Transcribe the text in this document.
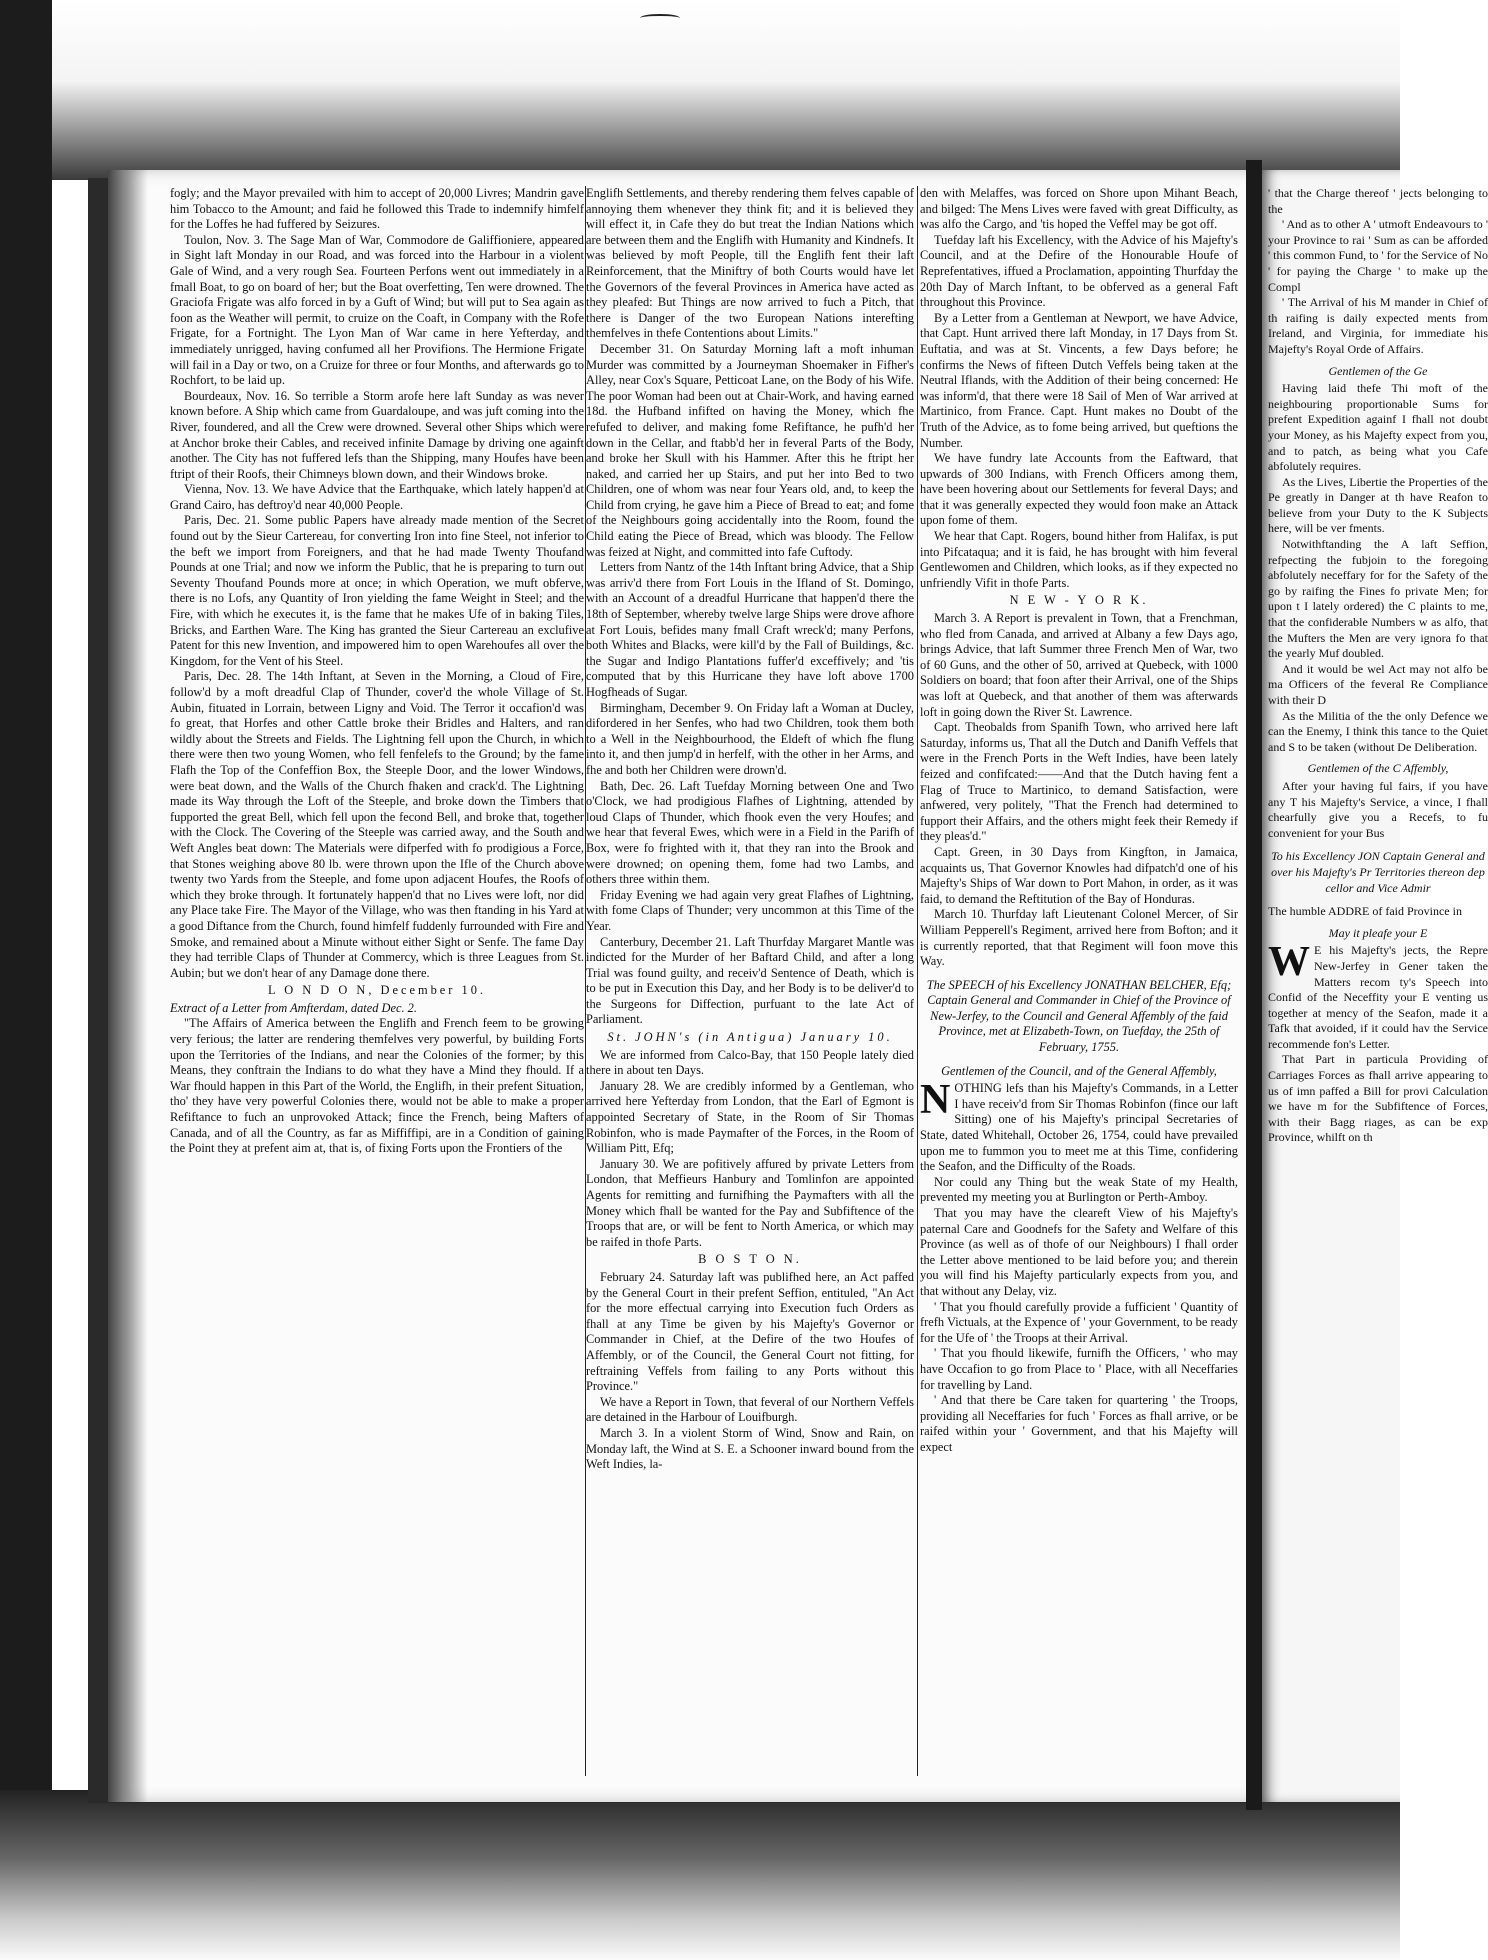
fogly; and the Mayor prevailed with him to accept of 20,000 Livres; Mandrin gave him Tobacco to the Amount; and faid he followed this Trade to indemnify himfelf for the Loffes he had fuffered by Seizures.

Toulon, Nov. 3. The Sage Man of War, Commodore de Galiffioniere, appeared in Sight laft Monday in our Road, and was forced into the Harbour in a violent Gale of Wind, and a very rough Sea. Fourteen Perfons went out immediately in a fmall Boat, to go on board of her; but the Boat overfetting, Ten were drowned. The Graciofa Frigate was alfo forced in by a Guft of Wind; but will put to Sea again as foon as the Weather will permit, to cruize on the Coaft, in Company with the Rofe Frigate, for a Fortnight. The Lyon Man of War came in here Yefterday, and immediately unrigged, having confumed all her Provifions. The Hermione Frigate will fail in a Day or two, on a Cruize for three or four Months, and afterwards go to Rochfort, to be laid up.

Bourdeaux, Nov. 16. So terrible a Storm arofe here laft Sunday as was never known before. A Ship which came from Guardaloupe, and was juft coming into the River, foundered, and all the Crew were drowned. Several other Ships which were at Anchor broke their Cables, and received infinite Damage by driving one againft another. The City has not fuffered lefs than the Shipping, many Houfes have been ftript of their Roofs, their Chimneys blown down, and their Windows broke.

Vienna, Nov. 13. We have Advice that the Earthquake, which lately happen'd at Grand Cairo, has deftroy'd near 40,000 People.

Paris, Dec. 21. Some public Papers have already made mention of the Secret found out by the Sieur Cartereau, for converting Iron into fine Steel, not inferior to the beft we import from Foreigners, and that he had made Twenty Thoufand Pounds at one Trial; and now we inform the Public, that he is preparing to turn out Seventy Thoufand Pounds more at once; in which Operation, we muft obferve, there is no Lofs, any Quantity of Iron yielding the fame Weight in Steel; and the Fire, with which he executes it, is the fame that he makes Ufe of in baking Tiles, Bricks, and Earthen Ware. The King has granted the Sieur Cartereau an exclufive Patent for this new Invention, and impowered him to open Warehoufes all over the Kingdom, for the Vent of his Steel.

Paris, Dec. 28. The 14th Inftant, at Seven in the Morning, a Cloud of Fire, follow'd by a moft dreadful Clap of Thunder, cover'd the whole Village of St. Aubin, fituated in Lorrain, between Ligny and Void. The Terror it occafion'd was fo great, that Horfes and other Cattle broke their Bridles and Halters, and ran wildly about the Streets and Fields. The Lightning fell upon the Church, in which there were then two young Women, who fell fenfelefs to the Ground; by the fame Flafh the Top of the Confeffion Box, the Steeple Door, and the lower Windows, were beat down, and the Walls of the Church fhaken and crack'd. The Lightning made its Way through the Loft of the Steeple, and broke down the Timbers that fupported the great Bell, which fell upon the fecond Bell, and broke that, together with the Clock. The Covering of the Steeple was carried away, and the South and Weft Angles beat down: The Materials were difperfed with fo prodigious a Force, that Stones weighing above 80 lb. were thrown upon the Ifle of the Church above twenty two Yards from the Steeple, and fome upon adjacent Houfes, the Roofs of which they broke through. It fortunately happen'd that no Lives were loft, nor did any Place take Fire. The Mayor of the Village, who was then ftanding in his Yard at a good Diftance from the Church, found himfelf fuddenly furrounded with Fire and Smoke, and remained about a Minute without either Sight or Senfe. The fame Day they had terrible Claps of Thunder at Commercy, which is three Leagues from St. Aubin; but we don't hear of any Damage done there.

L O N D O N, December 10.

Extract of a Letter from Amfterdam, dated Dec. 2.

"The Affairs of America between the Englifh and French feem to be growing very ferious; the latter are rendering themfelves very powerful, by building Forts upon the Territories of the Indians, and near the Colonies of the former; by this Means, they conftrain the Indians to do what they have a Mind they fhould. If a War fhould happen in this Part of the World, the Englifh, in their prefent Situation, tho' they have very powerful Colonies there, would not be able to make a proper Refiftance to fuch an unprovoked Attack; fince the French, being Mafters of Canada, and of all the Country, as far as Miffiffipi, are in a Condition of gaining the Point they at prefent aim at, that is, of fixing Forts upon the Frontiers of the

Englifh Settlements, and thereby rendering them felves capable of annoying them whenever they think fit; and it is believed they will effect it, in Cafe they do but treat the Indian Nations which are between them and the Englifh with Humanity and Kindnefs. It was believed by moft People, till the Englifh fent their laft Reinforcement, that the Miniftry of both Courts would have let the Governors of the feveral Provinces in America have acted as they pleafed: But Things are now arrived to fuch a Pitch, that there is Danger of the two European Nations interefting themfelves in thefe Contentions about Limits."

December 31. On Saturday Morning laft a moft inhuman Murder was committed by a Journeyman Shoemaker in Fifher's Alley, near Cox's Square, Petticoat Lane, on the Body of his Wife. The poor Woman had been out at Chair-Work, and having earned 18d. the Hufband infifted on having the Money, which fhe refufed to deliver, and making fome Refiftance, he pufh'd her down in the Cellar, and ftabb'd her in feveral Parts of the Body, and broke her Skull with his Hammer. After this he ftript her naked, and carried her up Stairs, and put her into Bed to two Children, one of whom was near four Years old, and, to keep the Child from crying, he gave him a Piece of Bread to eat; and fome of the Neighbours going accidentally into the Room, found the Child eating the Piece of Bread, which was bloody. The Fellow was feized at Night, and committed into fafe Cuftody.

Letters from Nantz of the 14th Inftant bring Advice, that a Ship was arriv'd there from Fort Louis in the Ifland of St. Domingo, with an Account of a dreadful Hurricane that happen'd there the 18th of September, whereby twelve large Ships were drove afhore at Fort Louis, befides many fmall Craft wreck'd; many Perfons, both Whites and Blacks, were kill'd by the Fall of Buildings, &c. the Sugar and Indigo Plantations fuffer'd exceffively; and 'tis computed that by this Hurricane they have loft above 1700 Hogfheads of Sugar.

Birmingham, December 9. On Friday laft a Woman at Ducley, difordered in her Senfes, who had two Children, took them both to a Well in the Neighbourhood, the Eldeft of which fhe flung into it, and then jump'd in herfelf, with the other in her Arms, and fhe and both her Children were drown'd.

Bath, Dec. 26. Laft Tuefday Morning between One and Two o'Clock, we had prodigious Flafhes of Lightning, attended by loud Claps of Thunder, which fhook even the very Houfes; and we hear that feveral Ewes, which were in a Field in the Parifh of Box, were fo frighted with it, that they ran into the Brook and were drowned; on opening them, fome had two Lambs, and others three within them.

Friday Evening we had again very great Flafhes of Lightning, with fome Claps of Thunder; very uncommon at this Time of the Year.

Canterbury, December 21. Laft Thurfday Margaret Mantle was indicted for the Murder of her Baftard Child, and after a long Trial was found guilty, and receiv'd Sentence of Death, which is to be put in Execution this Day, and her Body is to be deliver'd to the Surgeons for Diffection, purfuant to the late Act of Parliament.

St. JOHN's (in Antigua) January 10.

We are informed from Calco-Bay, that 150 People lately died there in about ten Days.

January 28. We are credibly informed by a Gentleman, who arrived here Yefterday from London, that the Earl of Egmont is appointed Secretary of State, in the Room of Sir Thomas Robinfon, who is made Paymafter of the Forces, in the Room of William Pitt, Efq;

January 30. We are pofitively affured by private Letters from London, that Meffieurs Hanbury and Tomlinfon are appointed Agents for remitting and furnifhing the Paymafters with all the Money which fhall be wanted for the Pay and Subfiftence of the Troops that are, or will be fent to North America, or which may be raifed in thofe Parts.

B O S T O N.

February 24. Saturday laft was publifhed here, an Act paffed by the General Court in their prefent Seffion, entituled, "An Act for the more effectual carrying into Execution fuch Orders as fhall at any Time be given by his Majefty's Governor or Commander in Chief, at the Defire of the two Houfes of Affembly, or of the Council, the General Court not fitting, for reftraining Veffels from failing to any Ports without this Province."

We have a Report in Town, that feveral of our Northern Veffels are detained in the Harbour of Louifburgh.

March 3. In a violent Storm of Wind, Snow and Rain, on Monday laft, the Wind at S. E. a Schooner inward bound from the Weft Indies, la-

den with Melaffes, was forced on Shore upon Mihant Beach, and bilged: The Mens Lives were faved with great Difficulty, as was alfo the Cargo, and 'tis hoped the Veffel may be got off.

Tuefday laft his Excellency, with the Advice of his Majefty's Council, and at the Defire of the Honourable Houfe of Reprefentatives, iffued a Proclamation, appointing Thurfday the 20th Day of March Inftant, to be obferved as a general Faft throughout this Province.

By a Letter from a Gentleman at Newport, we have Advice, that Capt. Hunt arrived there laft Monday, in 17 Days from St. Euftatia, and was at St. Vincents, a few Days before; he confirms the News of fifteen Dutch Veffels being taken at the Neutral Iflands, with the Addition of their being concerned: He was inform'd, that there were 18 Sail of Men of War arrived at Martinico, from France. Capt. Hunt makes no Doubt of the Truth of the Advice, as to fome being arrived, but queftions the Number.

We have fundry late Accounts from the Eaftward, that upwards of 300 Indians, with French Officers among them, have been hovering about our Settlements for feveral Days; and that it was generally expected they would foon make an Attack upon fome of them.

We hear that Capt. Rogers, bound hither from Halifax, is put into Pifcataqua; and it is faid, he has brought with him feveral Gentlewomen and Children, which looks, as if they expected no unfriendly Vifit in thofe Parts.

N E W - Y O R K.

March 3. A Report is prevalent in Town, that a Frenchman, who fled from Canada, and arrived at Albany a few Days ago, brings Advice, that laft Summer three French Men of War, two of 60 Guns, and the other of 50, arrived at Quebeck, with 1000 Soldiers on board; that foon after their Arrival, one of the Ships was loft at Quebeck, and that another of them was afterwards loft in going down the River St. Lawrence.

Capt. Theobalds from Spanifh Town, who arrived here laft Saturday, informs us, That all the Dutch and Danifh Veffels that were in the French Ports in the Weft Indies, have been lately feized and confifcated:——And that the Dutch having fent a Flag of Truce to Martinico, to demand Satisfaction, were anfwered, very politely, "That the French had determined to fupport their Affairs, and the others might feek their Remedy if they pleas'd."

Capt. Green, in 30 Days from Kingfton, in Jamaica, acquaints us, That Governor Knowles had difpatch'd one of his Majefty's Ships of War down to Port Mahon, in order, as it was faid, to demand the Reftitution of the Bay of Honduras.

March 10. Thurfday laft Lieutenant Colonel Mercer, of Sir William Pepperell's Regiment, arrived here from Bofton; and it is currently reported, that that Regiment will foon move this Way.

The SPEECH of his Excellency JONATHAN BELCHER, Efq; Captain General and Commander in Chief of the Province of New-Jerfey, to the Council and General Affembly of the faid Province, met at Elizabeth-Town, on Tuefday, the 25th of February, 1755.

Gentlemen of the Council, and of the General Affembly,

NOTHING lefs than his Majefty's Commands, in a Letter I have receiv'd from Sir Thomas Robinfon (fince our laft Sitting) one of his Majefty's principal Secretaries of State, dated Whitehall, October 26, 1754, could have prevailed upon me to fummon you to meet me at this Time, confidering the Seafon, and the Difficulty of the Roads.

Nor could any Thing but the weak State of my Health, prevented my meeting you at Burlington or Perth-Amboy.

That you may have the cleareft View of his Majefty's paternal Care and Goodnefs for the Safety and Welfare of this Province (as well as of thofe of our Neighbours) I fhall order the Letter above mentioned to be laid before you; and therein you will find his Majefty particularly expects from you, and that without any Delay, viz.

' That you fhould carefully provide a fufficient ' Quantity of frefh Victuals, at the Expence of ' your Government, to be ready for the Ufe of ' the Troops at their Arrival.

' That you fhould likewife, furnifh the Officers, ' who may have Occafion to go from Place to ' Place, with all Neceffaries for travelling by Land.

' And that there be Care taken for quartering ' the Troops, providing all Neceffaries for fuch ' Forces as fhall arrive, or be raifed within your ' Government, and that his Majefty will expect

' that the Charge thereof ' jects belonging to the

' And as to other A ' utmoft Endeavours to ' your Province to rai ' Sum as can be afforded ' this common Fund, to ' for the Service of No ' for paying the Charge ' to make up the Compl

' The Arrival of his M mander in Chief of th raifing is daily expected ments from Ireland, and Virginia, for immediate his Majefty's Royal Orde of Affairs.

Gentlemen of the Ge

Having laid thefe Thi moft of the neighbouring proportionable Sums for prefent Expedition againf I fhall not doubt your Money, as his Majefty expect from you, and to patch, as being what you Cafe abfolutely requires.

As the Lives, Libertie the Properties of the Pe greatly in Danger at th have Reafon to believe from your Duty to the K Subjects here, will be ver fments.

Notwithftanding the A laft Seffion, refpecting the fubjoin to the foregoing abfolutely neceffary for for the Safety of the go by raifing the Fines fo private Men; for upon t I lately ordered) the C plaints to me, that the confiderable Numbers w as alfo, that the Mufters the Men are very ignora fo that the yearly Muf doubled.

And it would be wel Act may not alfo be ma Officers of the feveral Re Compliance with their D

As the Militia of the the only Defence we can the Enemy, I think this tance to the Quiet and S to be taken (without De Deliberation.

Gentlemen of the C Affembly,

After your having ful fairs, if you have any T his Majefty's Service, a vince, I fhall chearfully give you a Recefs, to fu convenient for your Bus

To his Excellency JON Captain General and over his Majefty's Pr Territories thereon dep cellor and Vice Admir

The humble ADDRE of faid Province in

May it pleafe your E

W E his Majefty's jects, the Repre New-Jerfey in Gener taken the Matters recom ty's Speech into Confid of the Neceffity your E venting us together at mency of the Seafon, made it a Tafk that avoided, if it could hav the Service recommende fon's Letter.

That Part in particula Providing of Carriages Forces as fhall arrive appearing to us of imn paffed a Bill for provi Calculation we have m for the Subfiftence of Forces, with their Bagg riages, as can be exp Province, whilft on th
